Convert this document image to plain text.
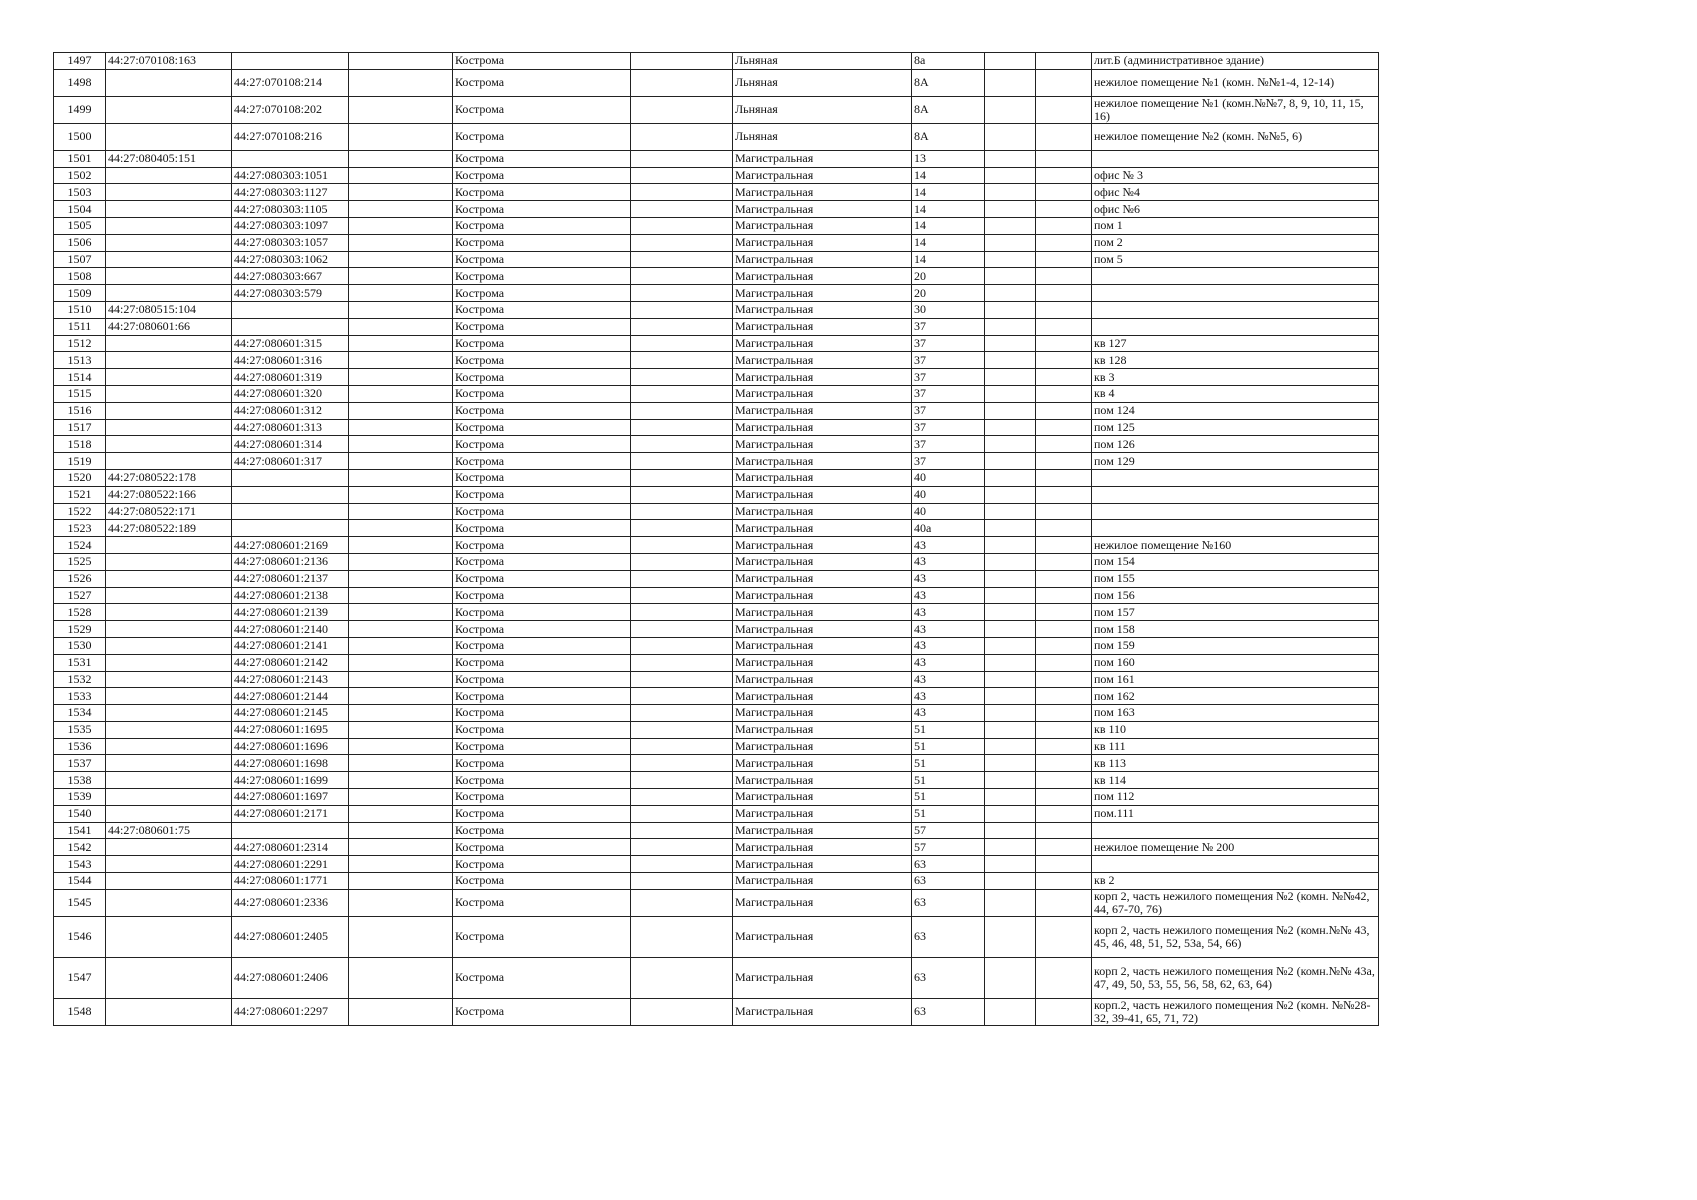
1497	44:27:070108:163			Кострома		Льняная	8а			лит.Б (административное здание)
1498		44:27:070108:214		Кострома		Льняная	8А			нежилое помещение №1 (комн. №№1-4, 12-14)
1499		44:27:070108:202		Кострома		Льняная	8А			нежилое помещение №1 (комн.№№7, 8, 9, 10, 11, 15, 16)
1500		44:27:070108:216		Кострома		Льняная	8А			нежилое помещение №2 (комн. №№5, 6)
1501	44:27:080405:151			Кострома		Магистральная	13			
1502		44:27:080303:1051		Кострома		Магистральная	14			офис № 3
1503		44:27:080303:1127		Кострома		Магистральная	14			офис №4
1504		44:27:080303:1105		Кострома		Магистральная	14			офис №6
1505		44:27:080303:1097		Кострома		Магистральная	14			пом 1
1506		44:27:080303:1057		Кострома		Магистральная	14			пом 2
1507		44:27:080303:1062		Кострома		Магистральная	14			пом 5
1508		44:27:080303:667		Кострома		Магистральная	20			
1509		44:27:080303:579		Кострома		Магистральная	20			
1510	44:27:080515:104			Кострома		Магистральная	30			
1511	44:27:080601:66			Кострома		Магистральная	37			
1512		44:27:080601:315		Кострома		Магистральная	37			кв 127
1513		44:27:080601:316		Кострома		Магистральная	37			кв 128
1514		44:27:080601:319		Кострома		Магистральная	37			кв 3
1515		44:27:080601:320		Кострома		Магистральная	37			кв 4
1516		44:27:080601:312		Кострома		Магистральная	37			пом 124
1517		44:27:080601:313		Кострома		Магистральная	37			пом 125
1518		44:27:080601:314		Кострома		Магистральная	37			пом 126
1519		44:27:080601:317		Кострома		Магистральная	37			пом 129
1520	44:27:080522:178			Кострома		Магистральная	40			
1521	44:27:080522:166			Кострома		Магистральная	40			
1522	44:27:080522:171			Кострома		Магистральная	40			
1523	44:27:080522:189			Кострома		Магистральная	40а			
1524		44:27:080601:2169		Кострома		Магистральная	43			нежилое помещение №160
1525		44:27:080601:2136		Кострома		Магистральная	43			пом 154
1526		44:27:080601:2137		Кострома		Магистральная	43			пом 155
1527		44:27:080601:2138		Кострома		Магистральная	43			пом 156
1528		44:27:080601:2139		Кострома		Магистральная	43			пом 157
1529		44:27:080601:2140		Кострома		Магистральная	43			пом 158
1530		44:27:080601:2141		Кострома		Магистральная	43			пом 159
1531		44:27:080601:2142		Кострома		Магистральная	43			пом 160
1532		44:27:080601:2143		Кострома		Магистральная	43			пом 161
1533		44:27:080601:2144		Кострома		Магистральная	43			пом 162
1534		44:27:080601:2145		Кострома		Магистральная	43			пом 163
1535		44:27:080601:1695		Кострома		Магистральная	51			кв 110
1536		44:27:080601:1696		Кострома		Магистральная	51			кв 111
1537		44:27:080601:1698		Кострома		Магистральная	51			кв 113
1538		44:27:080601:1699		Кострома		Магистральная	51			кв 114
1539		44:27:080601:1697		Кострома		Магистральная	51			пом 112
1540		44:27:080601:2171		Кострома		Магистральная	51			пом.111
1541	44:27:080601:75			Кострома		Магистральная	57			
1542		44:27:080601:2314		Кострома		Магистральная	57			нежилое помещение № 200
1543		44:27:080601:2291		Кострома		Магистральная	63			
1544		44:27:080601:1771		Кострома		Магистральная	63			кв 2
1545		44:27:080601:2336		Кострома		Магистральная	63			корп 2, часть нежилого помещения №2 (комн. №№42, 44, 67-70, 76)
1546		44:27:080601:2405		Кострома		Магистральная	63			корп 2, часть нежилого помещения №2 (комн.№№ 43, 45, 46, 48, 51, 52, 53а, 54, 66)
1547		44:27:080601:2406		Кострома		Магистральная	63			корп 2, часть нежилого помещения №2 (комн.№№ 43а, 47, 49, 50, 53, 55, 56, 58, 62, 63, 64)
1548		44:27:080601:2297		Кострома		Магистральная	63			корп.2, часть нежилого помещения №2 (комн. №№28-32, 39-41, 65, 71, 72)
